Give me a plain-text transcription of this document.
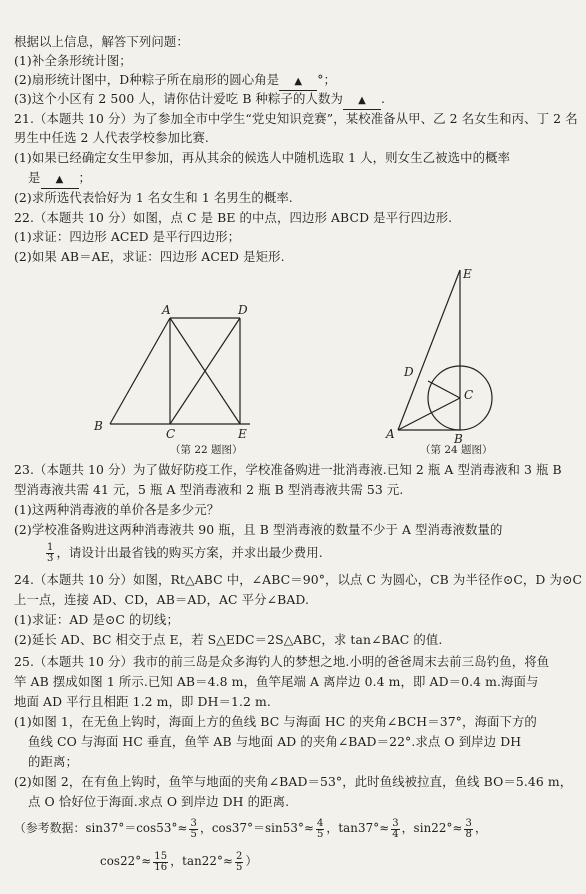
根据以上信息，解答下列问题：
(1)补全条形统计图；
(2)扇形统计图中，D种粽子所在扇形的圆心角是 ▲ °；
(3)这个小区有 2 500 人，请你估计爱吃 B 种粽子的人数为 ▲ .
21.（本题共 10 分）为了参加全市中学生“党史知识竞赛”，某校准备从甲、乙 2 名女生和丙、丁 2 名
男生中任选 2 人代表学校参加比赛.
(1)如果已经确定女生甲参加，再从其余的候选人中随机选取 1 人，则女生乙被选中的概率
是 ▲ ；
(2)求所选代表恰好为 1 名女生和 1 名男生的概率.
22.（本题共 10 分）如图，点 C 是 BE 的中点，四边形 ABCD 是平行四边形.
(1)求证：四边形 ACED 是平行四边形；
(2)如果 AB＝AE，求证：四边形 ACED 是矩形.
A	D
B
C	E
（第 22 题图）
E
D
C
A	B
（第 24 题图）
23.（本题共 10 分）为了做好防疫工作，学校准备购进一批消毒液.已知 2 瓶 A 型消毒液和 3 瓶 B
型消毒液共需 41 元，5 瓶 A 型消毒液和 2 瓶 B 型消毒液共需 53 元.
(1)这两种消毒液的单价各是多少元？
(2)学校准备购进这两种消毒液共 90 瓶，且 B 型消毒液的数量不少于 A 型消毒液数量的
$\frac{1}{3}$ ，请设计出最省钱的购买方案，并求出最少费用.
24.（本题共 10 分）如图，Rt△ABC 中，∠ABC＝90°，以点 C 为圆心，CB 为半径作⊙C，D 为⊙C
上一点，连接 AD、CD，AB＝AD，AC 平分∠BAD.
(1)求证：AD 是⊙C 的切线；
(2)延长 AD、BC 相交于点 E，若 S△EDC＝2S△ABC，求 tan∠BAC 的值.
25.（本题共 10 分）我市的前三岛是众多海钓人的梦想之地.小明的爸爸周末去前三岛钓鱼，将鱼
竿 AB 摆成如图 1 所示.已知 AB＝4.8 m，鱼竿尾端 A 离岸边 0.4 m，即 AD＝0.4 m.海面与
地面 AD 平行且相距 1.2 m，即 DH＝1.2 m.
(1)如图 1，在无鱼上钩时，海面上方的鱼线 BC 与海面 HC 的夹角∠BCH＝37°，海面下方的
鱼线 CO 与海面 HC 垂直，鱼竿 AB 与地面 AD 的夹角∠BAD＝22°.求点 O 到岸边 DH
的距离；
(2)如图 2，在有鱼上钩时，鱼竿与地面的夹角∠BAD＝53°，此时鱼线被拉直，鱼线 BO＝5.46 m，
点 O 恰好位于海面.求点 O 到岸边 DH 的距离.
（参考数据：$\sin 37^\circ=\cos 53^\circ\approx \frac{3}{5}$ ，$\cos 37^\circ=\sin 53^\circ\approx \frac{4}{5}$ ，$\tan 37^\circ\approx \frac{3}{4}$ ，$\sin 22^\circ\approx \frac{3}{8}$ ，
$\cos 22^\circ\approx \frac{15}{16}$ ，$\tan 22^\circ\approx \frac{2}{5}$ ）
